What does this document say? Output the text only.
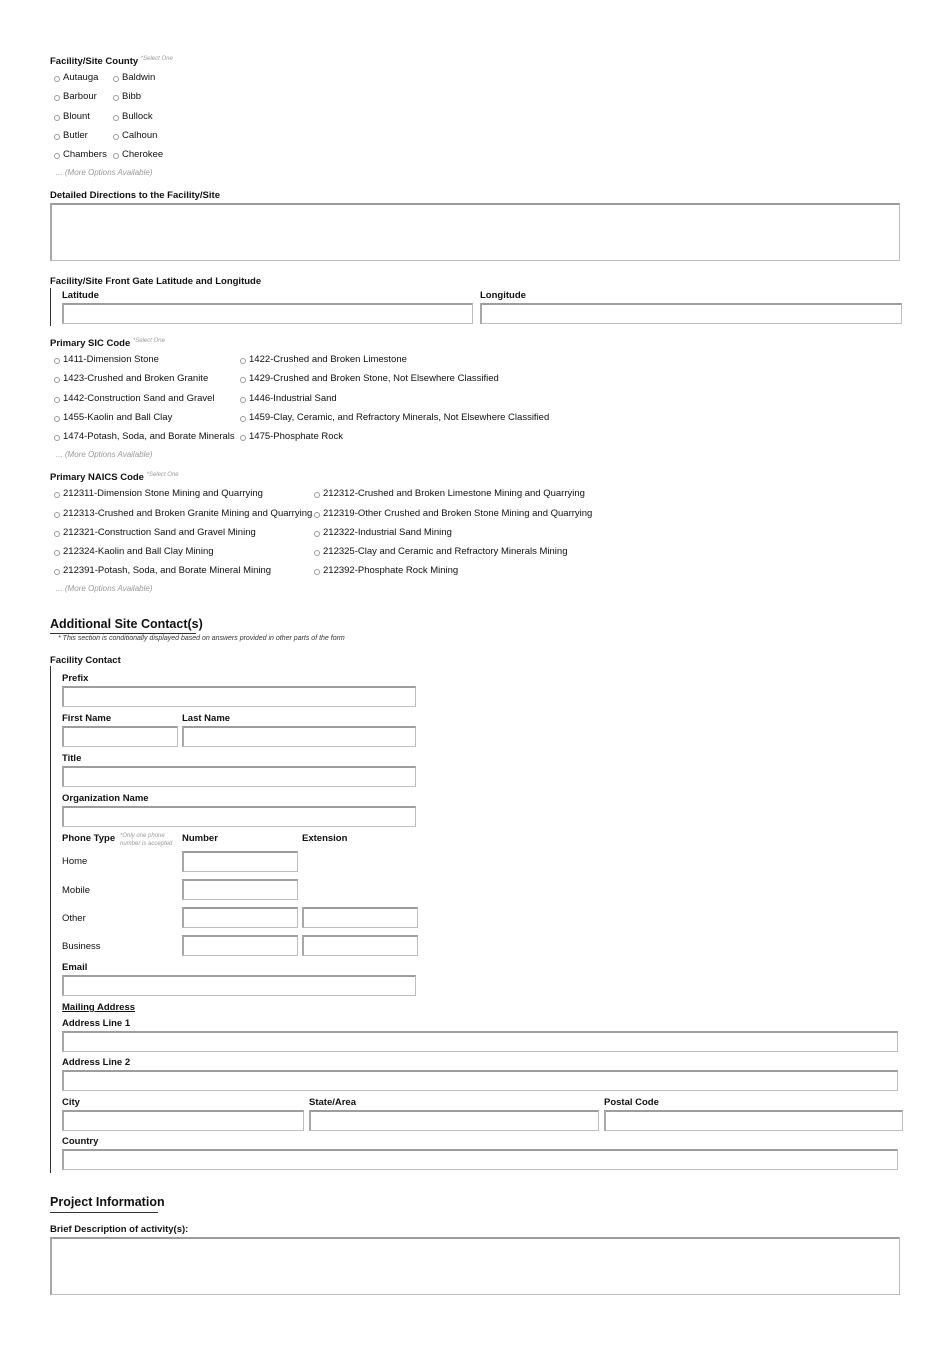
Facility/Site County $^{*Select One}$
Autauga Baldwin
Barbour	Bibb
Blount	Bullock
Butler	Calhoun
Chambers Cherokee
... (More Options Available)
Detailed Directions to the Facility/Site
Facility/Site Front Gate Latitude and Longitude
Latitude	Longitude
Primary SIC Code $^{*Select One}$
1411-Dimension Stone	1422-Crushed and Broken Limestone
1423-Crushed and Broken Granite	1429-Crushed and Broken Stone, Not Elsewhere Classified
1442-Construction Sand and Gravel	1446-Industrial Sand
1455-Kaolin and Ball Clay	1459-Clay, Ceramic, and Refractory Minerals, Not Elsewhere Classified
1474-Potash, Soda, and Borate Minerals 1475-Phosphate Rock
... (More Options Available)
Primary NAICS Code $^{*Select One}$
212311-Dimension Stone Mining and Quarrying	212312-Crushed and Broken Limestone Mining and Quarrying
212313-Crushed and Broken Granite Mining and Quarrying 212319-Other Crushed and Broken Stone Mining and Quarrying
212321-Construction Sand and Gravel Mining	212322-Industrial Sand Mining
212324-Kaolin and Ball Clay Mining	212325-Clay and Ceramic and Refractory Minerals Mining
212391-Potash, Soda, and Borate Mineral Mining	212392-Phosphate Rock Mining
... (More Options Available)
Additional Site Contact(s)
* This section is conditionally displayed based on answers provided in other parts of the form
Facility Contact
Prefix
First Name	Last Name
Title
Organization Name
Phone Type *Only one phone number is accepted Number	Extension
Home
Mobile
Other
Business
Email
Mailing Address
Address Line 1
Address Line 2
City	State/Area	Postal Code
Country
Project Information
Brief Description of activity(s):
